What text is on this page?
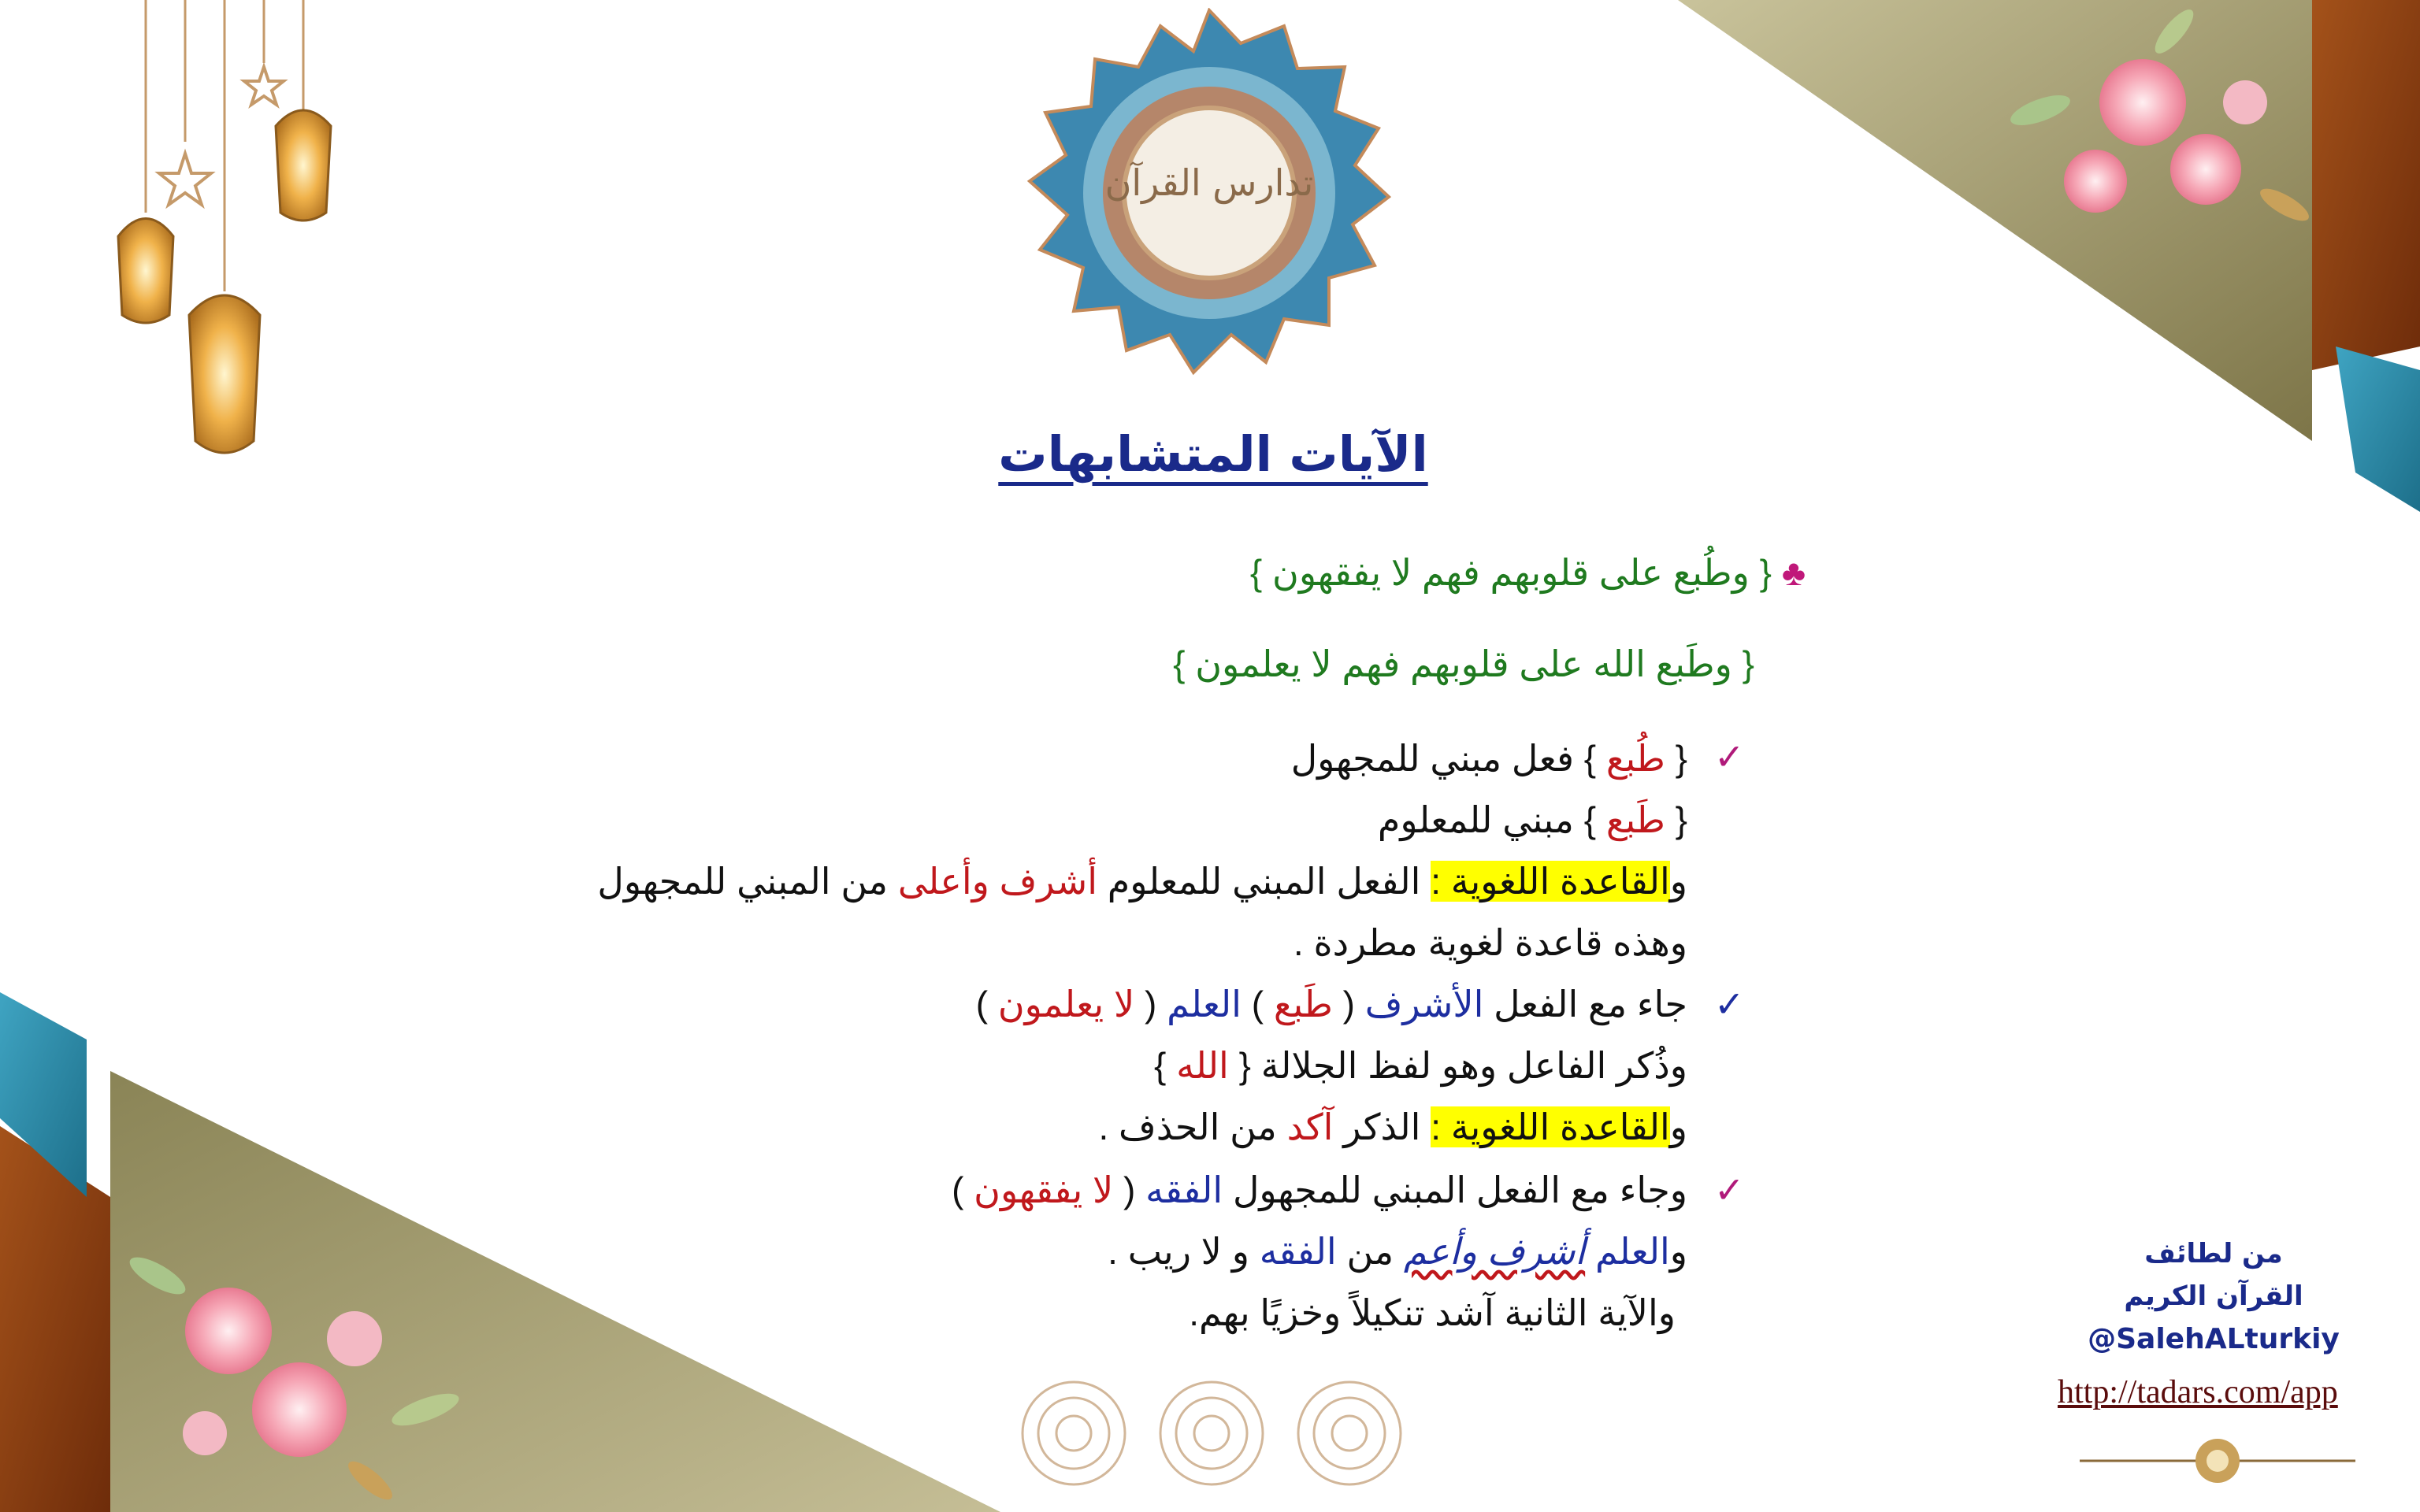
تدارس القرآن
الآيات المتشابهات
♣ { وطُبع على قلوبهم فهم لا يفقهون }
{ وطَبع الله على قلوبهم فهم لا يعلمون }
✓
✓
✓
{ طُبع } فعل مبني للمجهول
{ طَبع } مبني للمعلوم
والقاعدة اللغوية : الفعل المبني للمعلوم أشرف وأعلى من المبني للمجهول
وهذه قاعدة لغوية مطردة .
جاء مع الفعل الأشرف ( طَبع ) العلم ( لا يعلمون )
وذُكر الفاعل وهو لفظ الجلالة { الله }
والقاعدة اللغوية : الذكر آكد من الحذف .
وجاء مع الفعل المبني للمجهول الفقه ( لا يفقهون )
والعلم أشرف وأعم من الفقه و لا ريب .
والآية الثانية آشد تنكيلاً وخزيًا بهم.
من لطائف
القرآن الكريم
@SalehALturkiy
http://tadars.com/app
